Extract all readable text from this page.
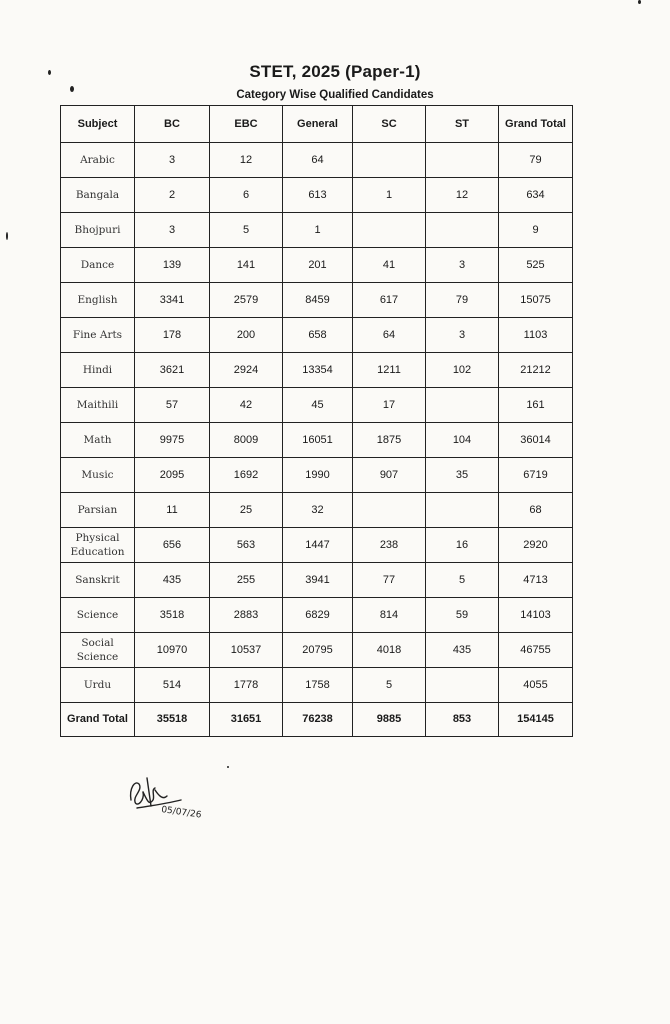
STET, 2025 (Paper-1)
Category Wise Qualified Candidates
Subject	BC	EBC	General	SC	ST	Grand Total
Arabic	3	12	64			79
Bangala	2	6	613	1	12	634
Bhojpuri	3	5	1			9
Dance	139	141	201	41	3	525
English	3341	2579	8459	617	79	15075
Fine Arts	178	200	658	64	3	1103
Hindi	3621	2924	13354	1211	102	21212
Maithili	57	42	45	17		161
Math	9975	8009	16051	1875	104	36014
Music	2095	1692	1990	907	35	6719
Parsian	11	25	32			68
Physical Education	656	563	1447	238	16	2920
Sanskrit	435	255	3941	77	5	4713
Science	3518	2883	6829	814	59	14103
Social Science	10970	10537	20795	4018	435	46755
Urdu	514	1778	1758	5		4055
Grand Total	35518	31651	76238	9885	853	154145
05/07/26
